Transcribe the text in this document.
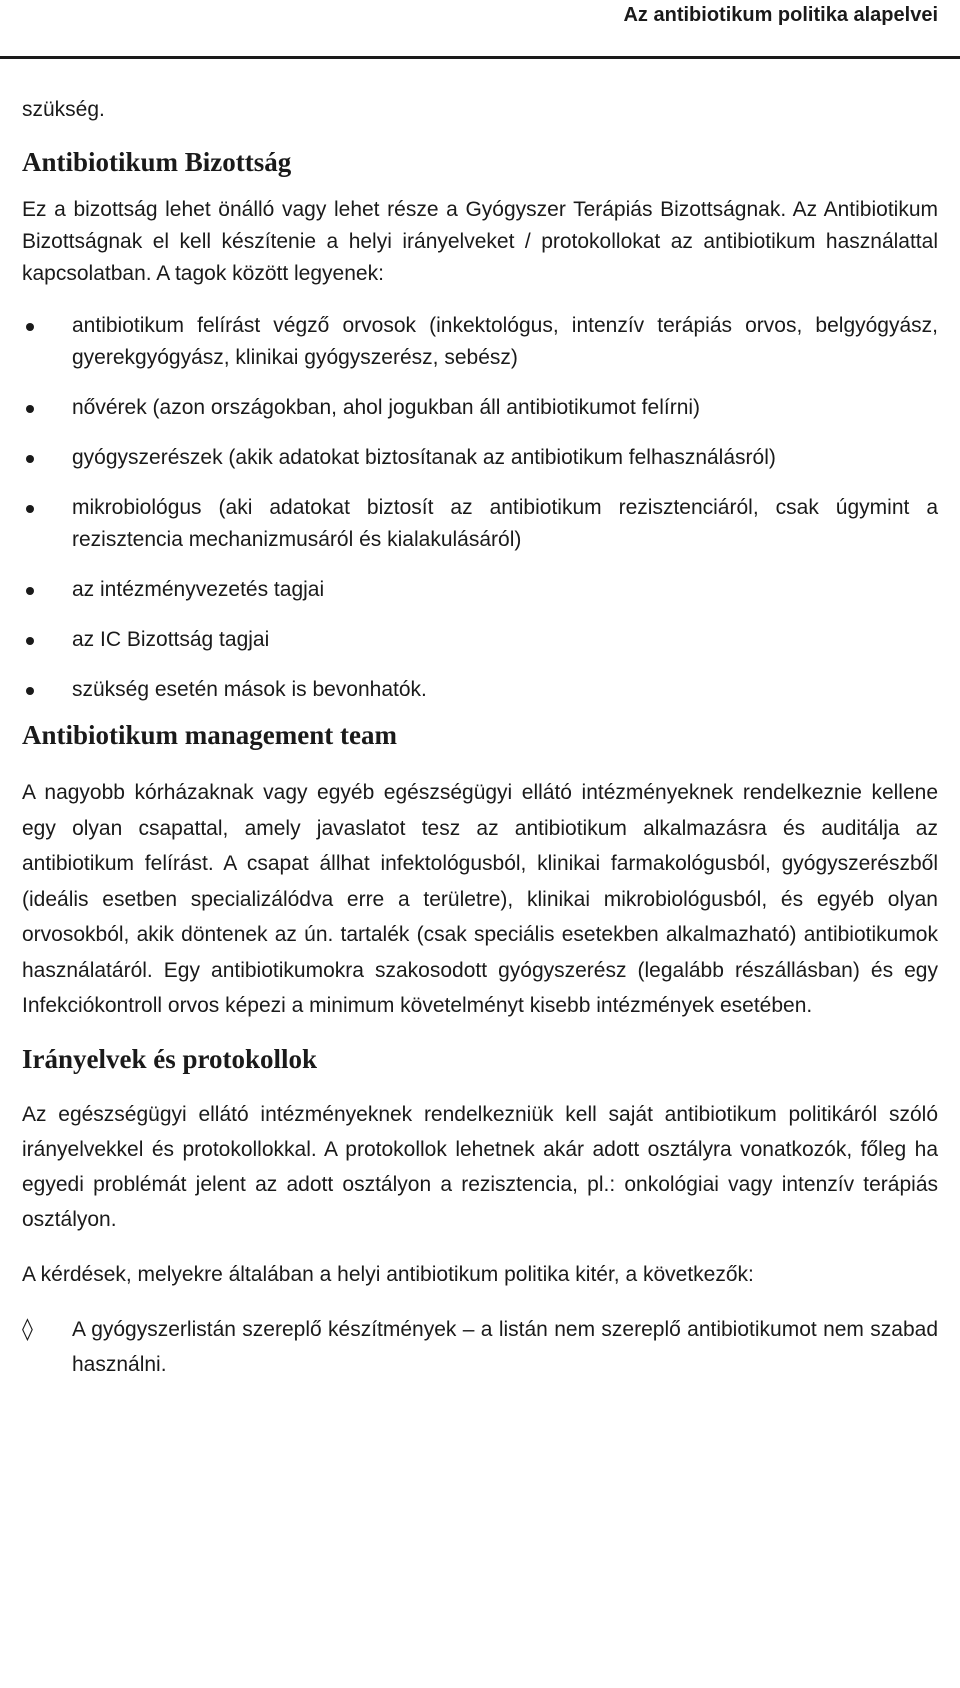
Az antibiotikum politika alapelvei

szükség.

Antibiotikum Bizottság

Ez a bizottság lehet önálló vagy lehet része a Gyógyszer Terápiás Bizottságnak. Az Antibiotikum Bizottságnak el kell készítenie a helyi irányelveket / protokollokat az antibiotikum használattal kapcsolatban. A tagok között legyenek:

antibiotikum felírást végző orvosok (inkektológus, intenzív terápiás orvos, belgyógyász, gyerekgyógyász, klinikai gyógyszerész, sebész)
nővérek (azon országokban, ahol jogukban áll antibiotikumot felírni)
gyógyszerészek (akik adatokat biztosítanak az antibiotikum felhasználásról)
mikrobiológus (aki adatokat biztosít az antibiotikum rezisztenciáról, csak úgymint a rezisztencia mechanizmusáról és kialakulásáról)
az intézményvezetés tagjai
az IC Bizottság tagjai
szükség esetén mások is bevonhatók.
Antibiotikum management team

A nagyobb kórházaknak vagy egyéb egészségügyi ellátó intézményeknek rendelkeznie kellene egy olyan csapattal, amely javaslatot tesz az antibiotikum alkalmazásra és auditálja az antibiotikum felírást. A csapat állhat infektológusból, klinikai farmakológusból, gyógyszerészből (ideális esetben specializálódva erre a területre), klinikai mikrobiológusból, és egyéb olyan orvosokból, akik döntenek az ún. tartalék (csak speciális esetekben alkalmazható) antibiotikumok használatáról. Egy antibiotikumokra szakosodott gyógyszerész (legalább részállásban) és egy Infekciókontroll orvos képezi a minimum követelményt kisebb intézmények esetében.

Irányelvek és protokollok

Az egészségügyi ellátó intézményeknek rendelkezniük kell saját antibiotikum politikáról szóló irányelvekkel és protokollokkal. A protokollok lehetnek akár adott osztályra vonatkozók, főleg ha egyedi problémát jelent az adott osztályon a rezisztencia, pl.: onkológiai vagy intenzív terápiás osztályon.

A kérdések, melyekre általában a helyi antibiotikum politika kitér, a következők:

◊ A gyógyszerlistán szereplő készítmények – a listán nem szereplő antibiotikumot nem szabad használni.
